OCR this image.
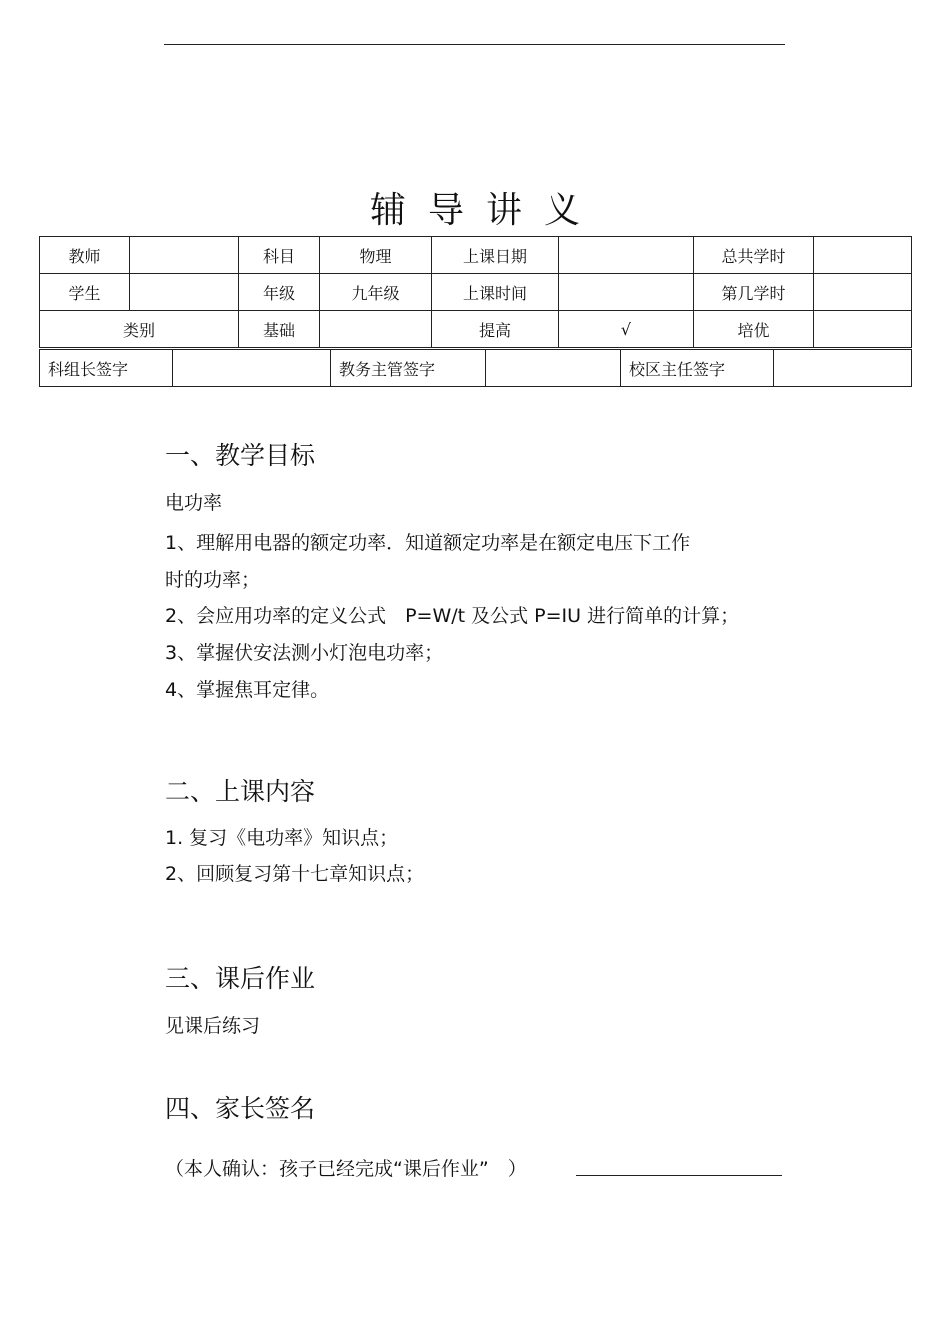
辅导讲义
教师		科目	物理	上课日期		总共学时	
学生		年级	九年级	上课时间		第几学时	
类别		基础		提高	√	培优	
科组长签字		教务主管签字		校区主任签字	
一、教学目标
电功率
1、理解用电器的额定功率．知道额定功率是在额定电压下工作
时的功率；
2、会应用功率的定义公式　P=W/t 及公式 P=IU 进行简单的计算；
3、掌握伏安法测小灯泡电功率；
4、掌握焦耳定律。
二、上课内容
1. 复习《电功率》知识点；
2、回顾复习第十七章知识点；
三、课后作业
见课后练习
四、家长签名
（本人确认：孩子已经完成“课后作业”　）
